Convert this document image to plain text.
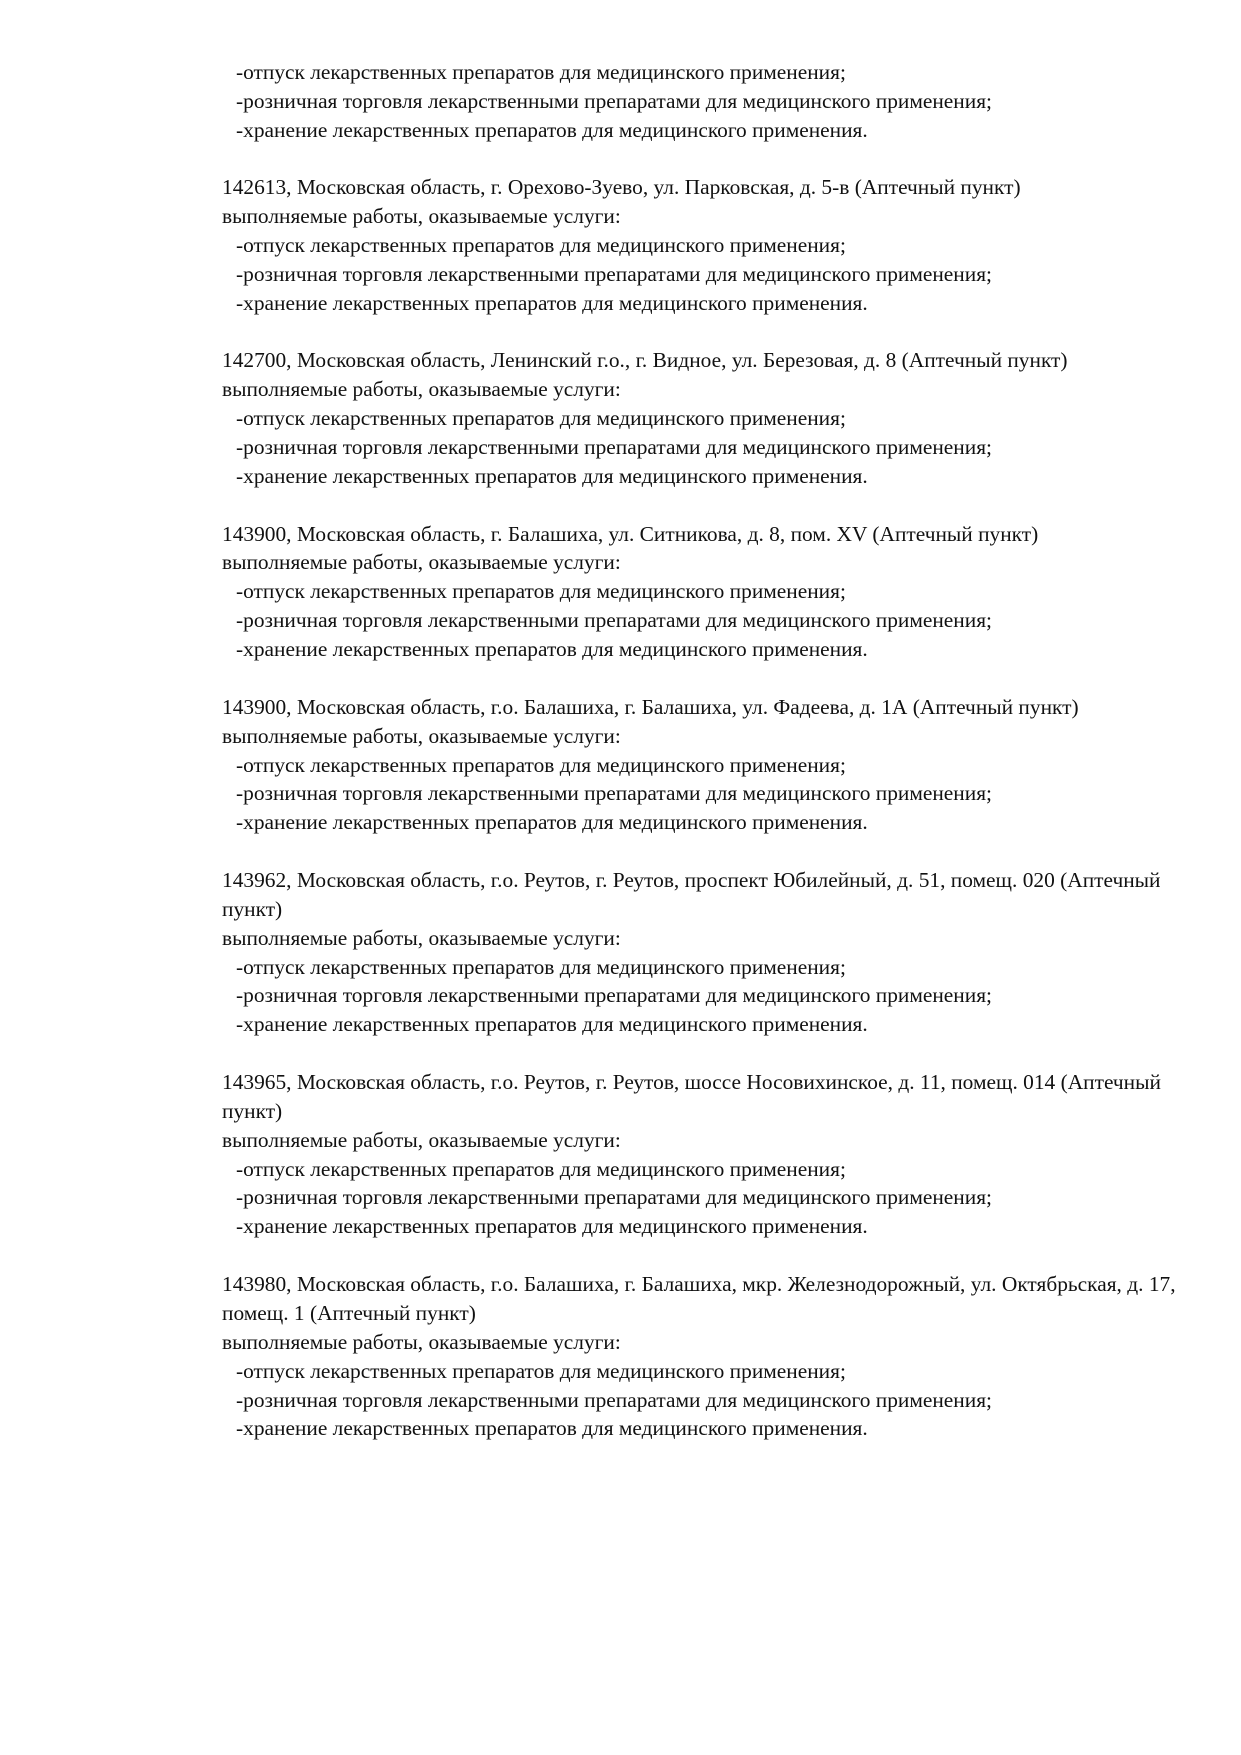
-отпуск лекарственных препаратов для медицинского применения;
-розничная торговля лекарственными препаратами для медицинского применения;
-хранение лекарственных препаратов для медицинского применения.

142613, Московская область, г. Орехово-Зуево, ул. Парковская, д. 5-в (Аптечный пункт)

выполняемые работы, оказываемые услуги:

-отпуск лекарственных препаратов для медицинского применения;
-розничная торговля лекарственными препаратами для медицинского применения;
-хранение лекарственных препаратов для медицинского применения.

142700, Московская область, Ленинский г.о., г. Видное, ул. Березовая, д. 8 (Аптечный пункт)

выполняемые работы, оказываемые услуги:

-отпуск лекарственных препаратов для медицинского применения;
-розничная торговля лекарственными препаратами для медицинского применения;
-хранение лекарственных препаратов для медицинского применения.

143900, Московская область, г. Балашиха, ул. Ситникова, д. 8, пом. XV (Аптечный пункт)

выполняемые работы, оказываемые услуги:

-отпуск лекарственных препаратов для медицинского применения;
-розничная торговля лекарственными препаратами для медицинского применения;
-хранение лекарственных препаратов для медицинского применения.

143900, Московская область, г.о. Балашиха, г. Балашиха, ул. Фадеева, д. 1А (Аптечный пункт)

выполняемые работы, оказываемые услуги:

-отпуск лекарственных препаратов для медицинского применения;
-розничная торговля лекарственными препаратами для медицинского применения;
-хранение лекарственных препаратов для медицинского применения.

143962, Московская область, г.о. Реутов, г. Реутов, проспект Юбилейный, д. 51, помещ. 020 (Аптечный пункт)

выполняемые работы, оказываемые услуги:

-отпуск лекарственных препаратов для медицинского применения;
-розничная торговля лекарственными препаратами для медицинского применения;
-хранение лекарственных препаратов для медицинского применения.

143965, Московская область, г.о. Реутов, г. Реутов, шоссе Носовихинское, д. 11, помещ. 014 (Аптечный пункт)

выполняемые работы, оказываемые услуги:

-отпуск лекарственных препаратов для медицинского применения;
-розничная торговля лекарственными препаратами для медицинского применения;
-хранение лекарственных препаратов для медицинского применения.

143980, Московская область, г.о. Балашиха, г. Балашиха, мкр. Железнодорожный, ул. Октябрьская, д. 17, помещ. 1 (Аптечный пункт)

выполняемые работы, оказываемые услуги:

-отпуск лекарственных препаратов для медицинского применения;
-розничная торговля лекарственными препаратами для медицинского применения;
-хранение лекарственных препаратов для медицинского применения.
